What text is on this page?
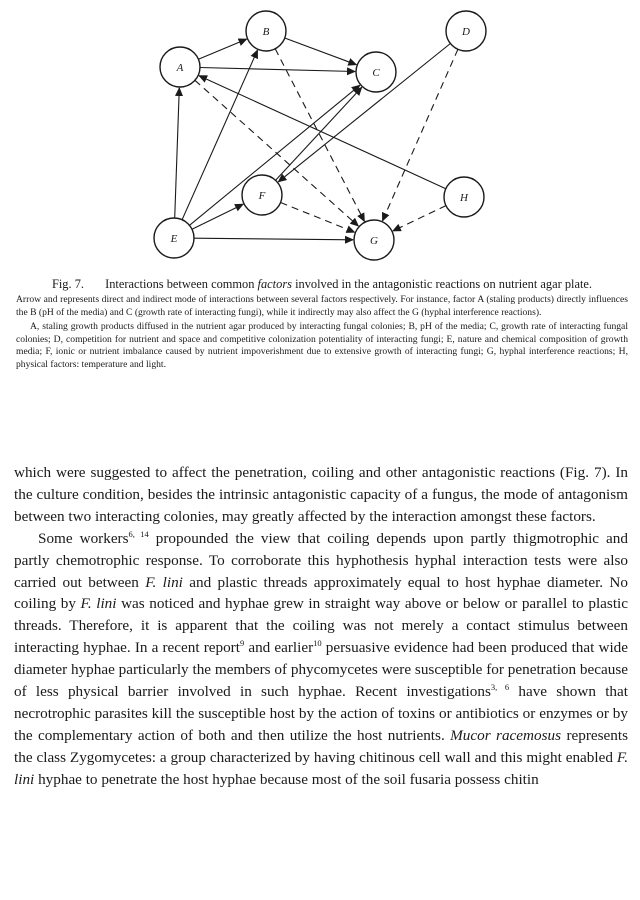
A
B
C
D
E
F
G
H
Fig. 7. Interactions between common factors involved in the antagonistic reactions on nutrient agar plate.

Arrow and represents direct and indirect mode of interactions between several factors respectively. For instance, factor A (staling products) directly influences the B (pH of the media) and C (growth rate of interacting fungi), while it indirectly may also affect the G (hyphal interference reactions).

A, staling growth products diffused in the nutrient agar produced by interacting fungal colonies; B, pH of the media; C, growth rate of interacting fungal colonies; D, competition for nutrient and space and competitive colonization potentiality of interacting fungi; E, nature and chemical composition of growth media; F, ionic or nutrient imbalance caused by nutrient impoverishment due to extensive growth of interacting fungi; G, hyphal interference reactions; H, physical factors: temperature and light.

which were suggested to affect the penetration, coiling and other antagonistic reactions (Fig. 7). In the culture condition, besides the intrinsic antagonistic capacity of a fungus, the mode of antagonism between two interacting colonies, may greatly affected by the interaction amongst these factors.

Some workers$^{6, 14}$ propounded the view that coiling depends upon partly thigmotrophic and partly chemotrophic response. To corroborate this hyphothesis hyphal interaction tests were also carried out between F. lini and plastic threads approximately equal to host hyphae diameter. No coiling by F. lini was noticed and hyphae grew in straight way above or below or parallel to plastic threads. Therefore, it is apparent that the coiling was not merely a contact stimulus between interacting hyphae. In a recent report$^9$ and earlier$^{10}$ persuasive evidence had been produced that wide diameter hyphae particularly the members of phycomycetes were susceptible for penetration because of less physical barrier involved in such hyphae. Recent investigations$^{3, 6}$ have shown that necrotrophic parasites kill the susceptible host by the action of toxins or antibiotics or enzymes or by the complementary action of both and then utilize the host nutrients. Mucor racemosus represents the class Zygomycetes: a group characterized by having chitinous cell wall and this might enabled F. lini hyphae to penetrate the host hyphae because most of the soil fusaria possess chitin
